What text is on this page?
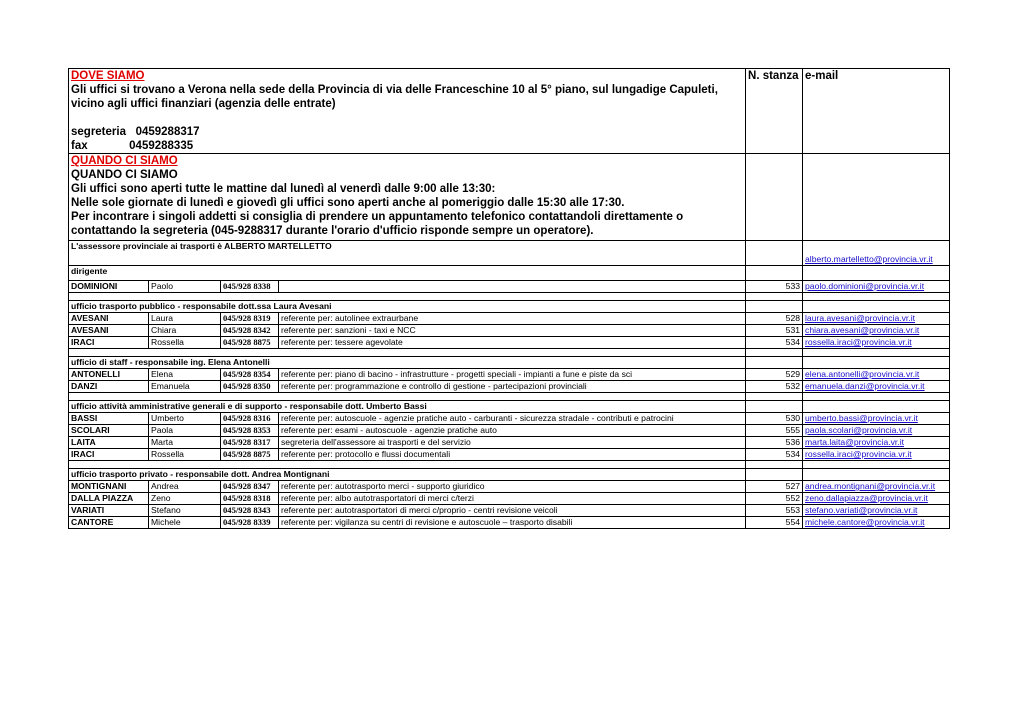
DOVE SIAMO
Gli uffici si trovano a Verona nella sede della Provincia di via delle Franceschine 10 al 5° piano, sul lungadige Capuleti, vicino agli uffici finanziari (agenzia delle entrate)
segreteria   0459288317
fax             0459288335				N. stanza	e-mail

QUANDO CI SIAMO
QUANDO CI SIAMO
Gli uffici sono aperti tutte le mattine dal lunedì al venerdì dalle 9:00 alle 13:30:
Nelle sole giornate di lunedì e giovedì gli uffici sono aperti anche al pomeriggio dalle 15:30 alle 17:30.
Per incontrare i singoli addetti si consiglia di prendere un appuntamento telefonico contattandoli direttamente o contattando la segreteria (045-9288317 durante l'orario d'ufficio risponde sempre un operatore).					

L'assessore provinciale ai trasporti è ALBERTO MARTELLETTO					alberto.martelletto@provincia.vr.it
dirigente					
DOMINIONI	Paolo	045/928 8338		533	paolo.dominioni@provincia.vr.it

ufficio trasporto pubblico - responsabile dott.ssa Laura Avesani					
AVESANI	Laura	045/928 8319	referente per: autolinee extraurbane	528	laura.avesani@provincia.vr.it
AVESANI	Chiara	045/928 8342	referente per: sanzioni - taxi e NCC	531	chiara.avesani@provincia.vr.it
IRACI	Rossella	045/928 8875	referente per: tessere agevolate	534	rossella.iraci@provincia.vr.it

ufficio di staff - responsabile ing. Elena Antonelli					
ANTONELLI	Elena	045/928 8354	referente per: piano di bacino - infrastrutture - progetti speciali - impianti a fune e piste da sci	529	elena.antonelli@provincia.vr.it
DANZI	Emanuela	045/928 8350	referente per: programmazione e controllo di gestione - partecipazioni provinciali	532	emanuela.danzi@provincia.vr.it

ufficio attività amministrative generali e di supporto - responsabile dott. Umberto Bassi					
BASSI	Umberto	045/928 8316	referente per: autoscuole - agenzie pratiche auto - carburanti - sicurezza stradale - contributi e patrocini	530	umberto.bassi@provincia.vr.it
SCOLARI	Paola	045/928 8353	referente per: esami - autoscuole - agenzie pratiche auto	555	paola.scolari@provincia.vr.it
LAITA	Marta	045/928 8317	segreteria dell'assessore ai trasporti e del servizio	536	marta.laita@provincia.vr.it
IRACI	Rossella	045/928 8875	referente per: protocollo e flussi documentali	534	rossella.iraci@provincia.vr.it

ufficio trasporto privato - responsabile dott. Andrea Montignani					
MONTIGNANI	Andrea	045/928 8347	referente per: autotrasporto merci - supporto giuridico	527	andrea.montignani@provincia.vr.it
DALLA PIAZZA	Zeno	045/928 8318	referente per: albo autotrasportatori di merci c/terzi	552	zeno.dallapiazza@provincia.vr.it
VARIATI	Stefano	045/928 8343	referente per: autotrasportatori di merci c/proprio - centri revisione veicoli	553	stefano.variati@provincia.vr.it
CANTORE	Michele	045/928 8339	referente per: vigilanza su centri di revisione e autoscuole – trasporto disabili	554	michele.cantore@provincia.vr.it
